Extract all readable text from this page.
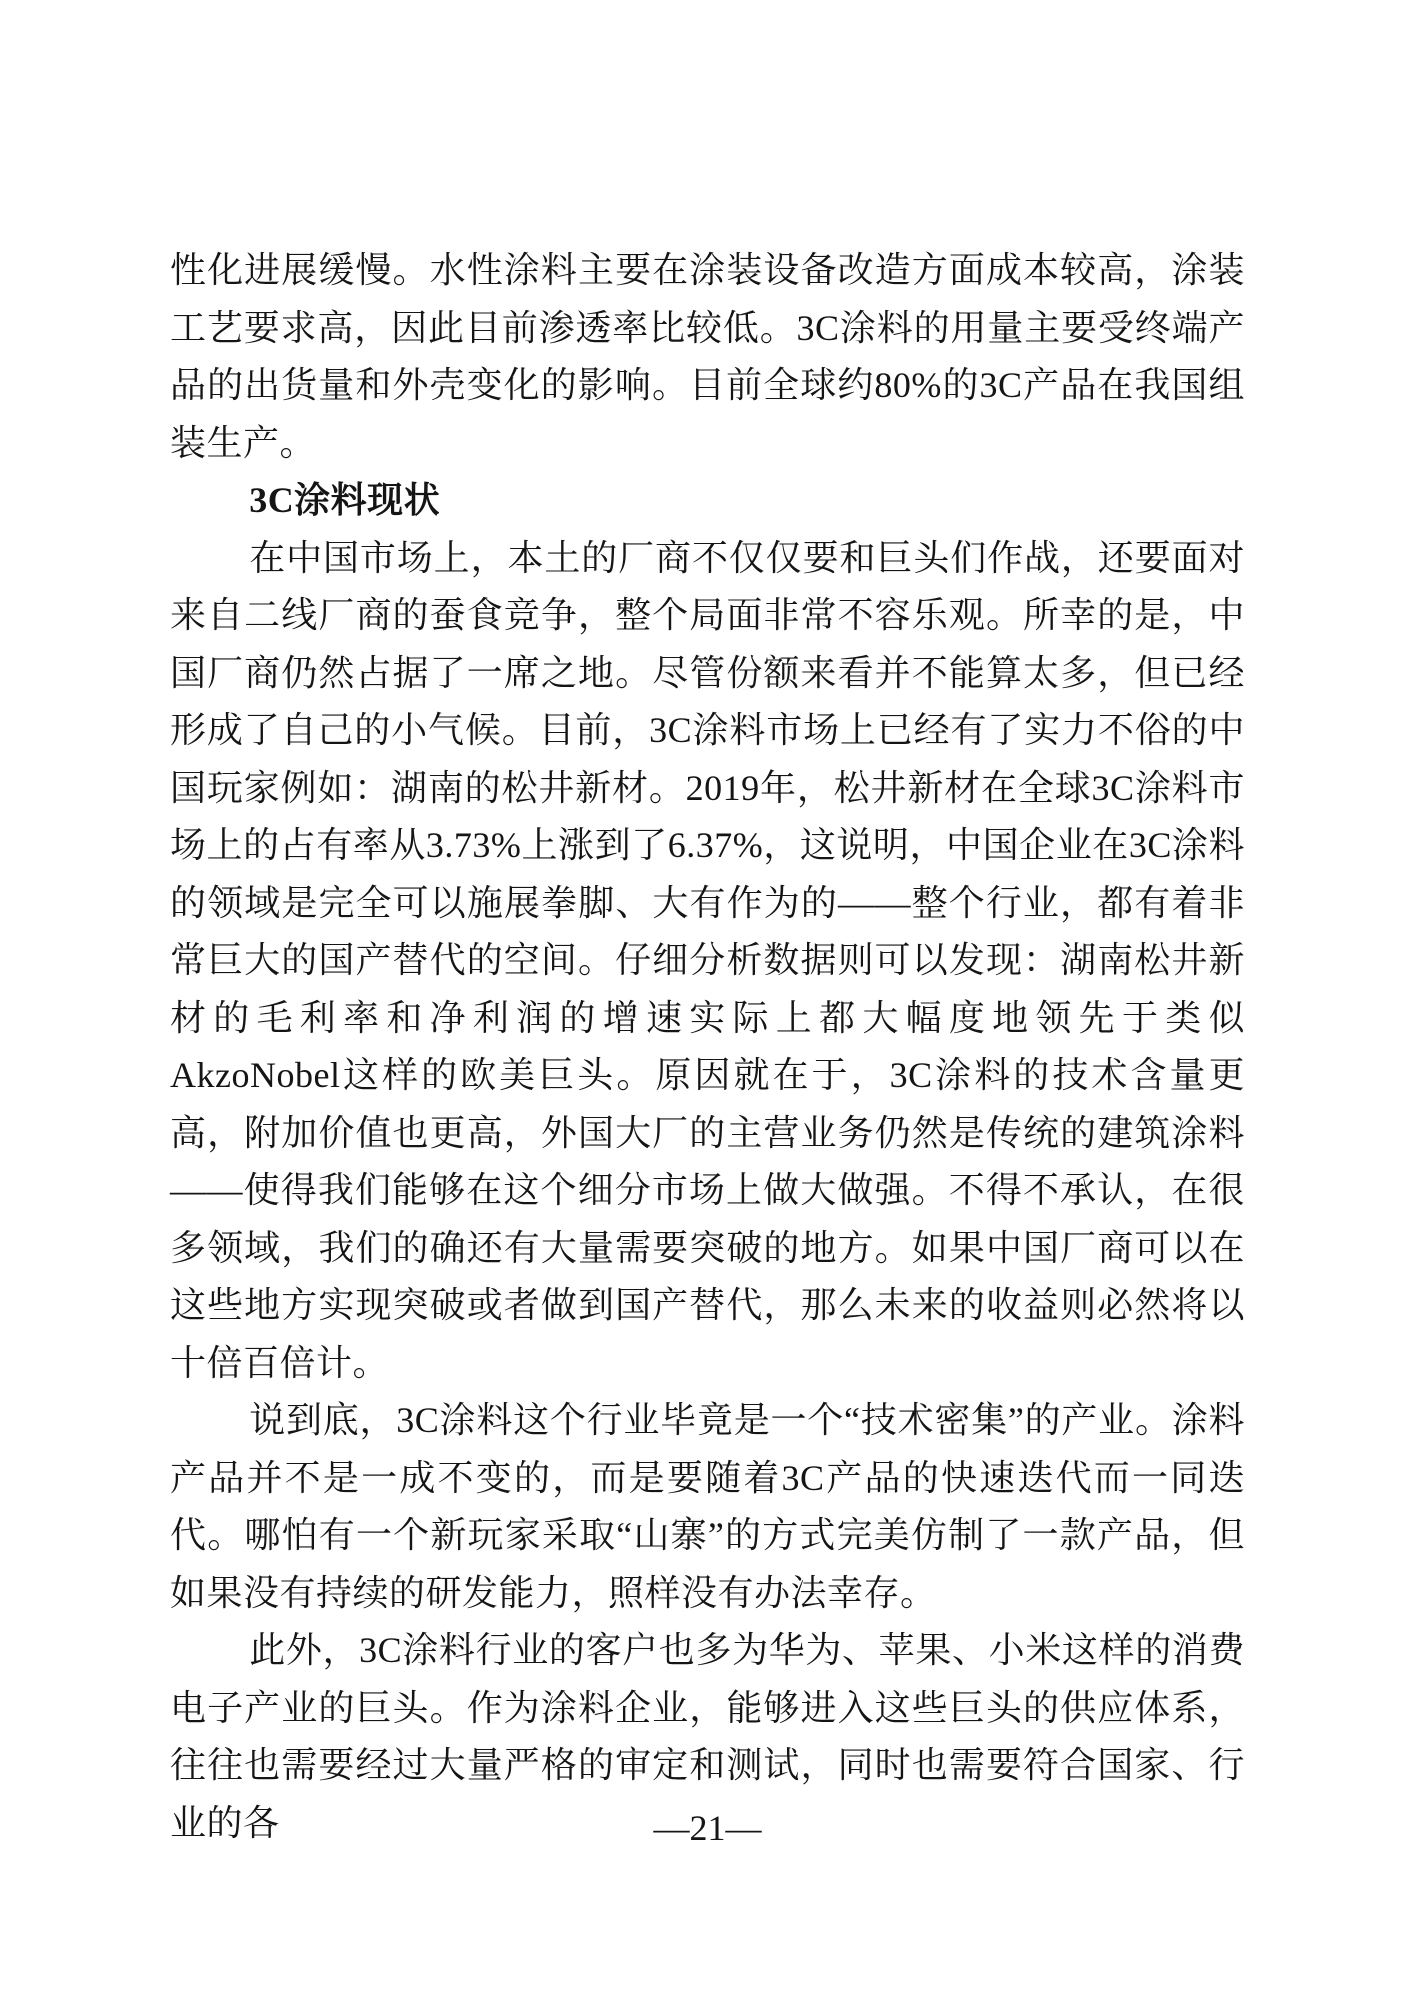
性化进展缓慢。水性涂料主要在涂装设备改造方面成本较高，涂装工艺要求高，因此目前渗透率比较低。3C涂料的用量主要受终端产品的出货量和外壳变化的影响。目前全球约80%的3C产品在我国组装生产。

3C涂料现状

在中国市场上，本土的厂商不仅仅要和巨头们作战，还要面对来自二线厂商的蚕食竞争，整个局面非常不容乐观。所幸的是，中国厂商仍然占据了一席之地。尽管份额来看并不能算太多，但已经形成了自己的小气候。目前，3C涂料市场上已经有了实力不俗的中国玩家例如：湖南的松井新材。2019年，松井新材在全球3C涂料市场上的占有率从3.73%上涨到了6.37%，这说明，中国企业在3C涂料的领域是完全可以施展拳脚、大有作为的——整个行业，都有着非常巨大的国产替代的空间。仔细分析数据则可以发现：湖南松井新材的毛利率和净利润的增速实际上都大幅度地领先于类似AkzoNobel这样的欧美巨头。原因就在于，3C涂料的技术含量更高，附加价值也更高，外国大厂的主营业务仍然是传统的建筑涂料——使得我们能够在这个细分市场上做大做强。不得不承认，在很多领域，我们的确还有大量需要突破的地方。如果中国厂商可以在这些地方实现突破或者做到国产替代，那么未来的收益则必然将以十倍百倍计。

说到底，3C涂料这个行业毕竟是一个“技术密集”的产业。涂料产品并不是一成不变的，而是要随着3C产品的快速迭代而一同迭代。哪怕有一个新玩家采取“山寨”的方式完美仿制了一款产品，但如果没有持续的研发能力，照样没有办法幸存。

此外，3C涂料行业的客户也多为华为、苹果、小米这样的消费电子产业的巨头。作为涂料企业，能够进入这些巨头的供应体系，往往也需要经过大量严格的审定和测试，同时也需要符合国家、行业的各	—21—
